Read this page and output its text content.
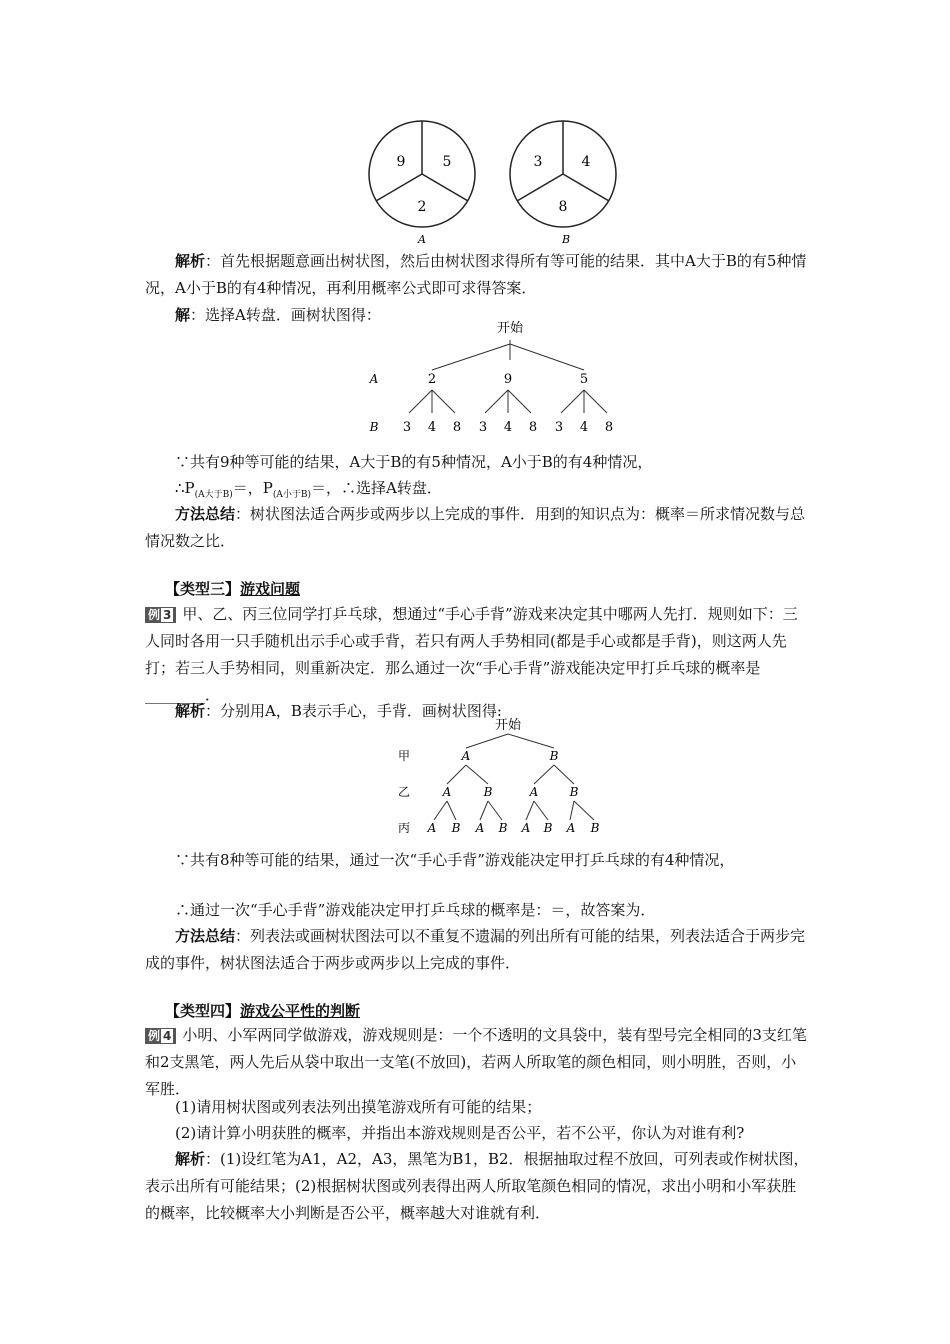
9	5
2
A
3	4
8
B
解析：首先根据题意画出树状图，然后由树状图求得所有等可能的结果．其中A大于B的有5种情况，A小于B的有4种情况，再利用概率公式即可求得答案．
解：选择A转盘．画树状图得：
开始
A	2	9	5
B 3 4 8 3 4 8 3 4 8
∵共有9种等可能的结果，A大于B的有5种情况，A小于B的有4种情况，
$\therefore P_{(A大于B)}=$，$P_{(A小于B)}=$，∴选择A转盘．
方法总结：树状图法适合两步或两步以上完成的事件．用到的知识点为：概率＝所求情况数与总情况数之比．
【类型三】游戏问题
例 3 甲、乙、丙三位同学打乒乓球，想通过“手心手背”游戏来决定其中哪两人先打．规则如下：三人同时各用一只手随机出示手心或手背，若只有两人手势相同(都是手心或都是手背)，则这两人先打；若三人手势相同，则重新决定．那么通过一次“手心手背”游戏能决定甲打乒乓球的概率是________．
解析：分别用A，B表示手心，手背．画树状图得:
开始
甲
乙
丙
A	B
A	B	A	B
A B A B A B A B
∵共有8种等可能的结果，通过一次“手心手背”游戏能决定甲打乒乓球的有4种情况，
∴通过一次“手心手背”游戏能决定甲打乒乓球的概率是：＝，故答案为．
方法总结：列表法或画树状图法可以不重复不遗漏的列出所有可能的结果，列表法适合于两步完成的事件，树状图法适合于两步或两步以上完成的事件．
【类型四】游戏公平性的判断
例 4 小明、小军两同学做游戏，游戏规则是：一个不透明的文具袋中，装有型号完全相同的3支红笔和2支黑笔，两人先后从袋中取出一支笔(不放回)，若两人所取笔的颜色相同，则小明胜，否则，小军胜．
(1)请用树状图或列表法列出摸笔游戏所有可能的结果；
(2)请计算小明获胜的概率，并指出本游戏规则是否公平，若不公平，你认为对谁有利?
解析：(1)设红笔为A1，A2，A3，黑笔为B1，B2．根据抽取过程不放回，可列表或作树状图，表示出所有可能结果；(2)根据树状图或列表得出两人所取笔颜色相同的情况，求出小明和小军获胜的概率，比较概率大小判断是否公平，概率越大对谁就有利．
